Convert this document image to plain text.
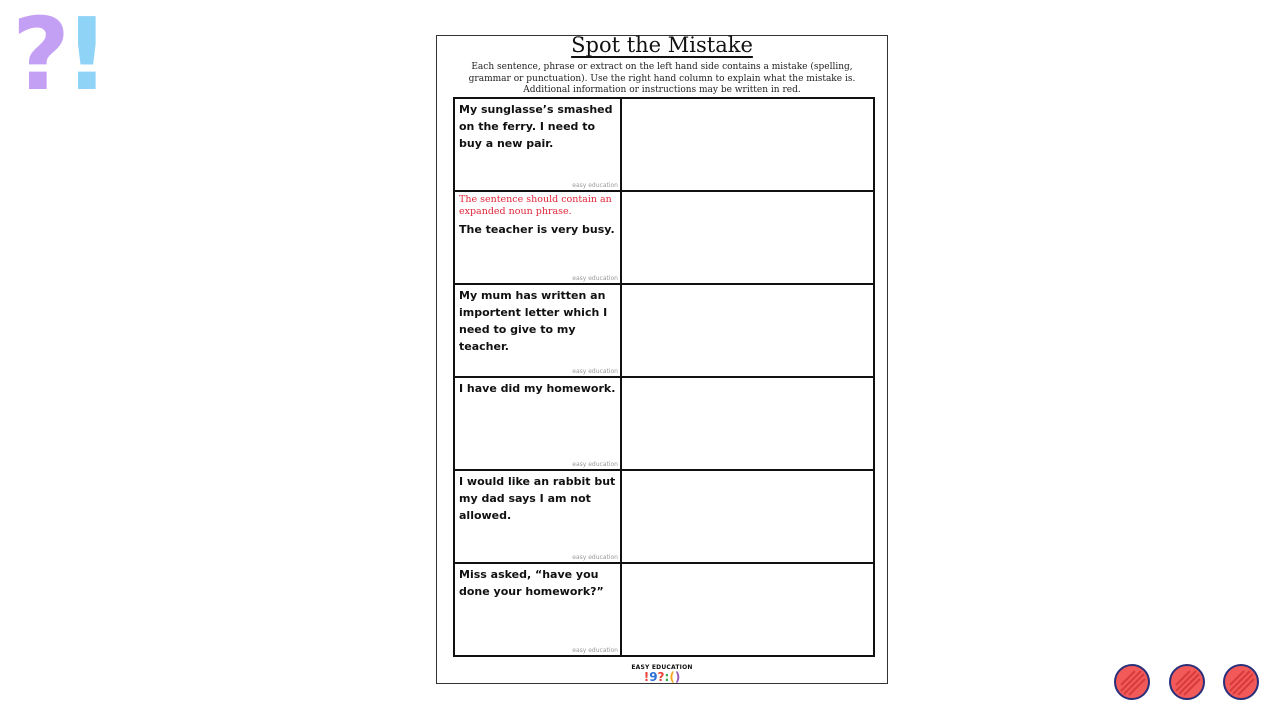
?!	Spot the Mistake
Each sentence, phrase or extract on the left hand side contains a mistake (spelling, grammar or punctuation). Use the right hand column to explain what the mistake is. Additional information or instructions may be written in red.
My sunglasse’s smashed on the ferry. I need to buy a new pair.
easy education
The sentence should contain an expanded noun phrase.
The teacher is very busy.
easy education
My mum has written an importent letter which I need to give to my teacher.
easy education
I have did my homework.
easy education
I would like an rabbit but my dad says I am not allowed.
easy education
Miss asked, “have you done your homework?”
easy education
EASY EDUCATION
!9?:()
